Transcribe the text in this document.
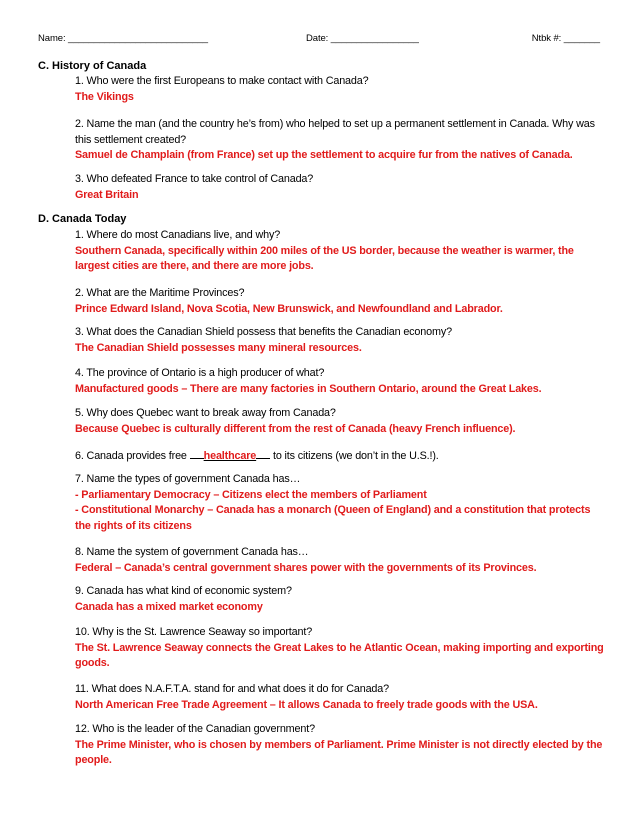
Name: ___________________________	Date: _________________	Ntbk #: _______
C. History of Canada
1. Who were the first Europeans to make contact with Canada?
The Vikings
2. Name the man (and the country he’s from) who helped to set up a permanent settlement in Canada. Why was this settlement created?
Samuel de Champlain (from France) set up the settlement to acquire fur from the natives of Canada.
3. Who defeated France to take control of Canada?
Great Britain
D. Canada Today
1. Where do most Canadians live, and why?
Southern Canada, specifically within 200 miles of the US border, because the weather is warmer, the largest cities are there, and there are more jobs.
2. What are the Maritime Provinces?
Prince Edward Island, Nova Scotia, New Brunswick, and Newfoundland and Labrador.
3. What does the Canadian Shield possess that benefits the Canadian economy?
The Canadian Shield possesses many mineral resources.
4. The province of Ontario is a high producer of what?
Manufactured goods – There are many factories in Southern Ontario, around the Great Lakes.
5. Why does Quebec want to break away from Canada?
Because Quebec is culturally different from the rest of Canada (heavy French influence).
6. Canada provides free healthcare to its citizens (we don’t in the U.S.!).
7. Name the types of government Canada has…
- Parliamentary Democracy – Citizens elect the members of Parliament
- Constitutional Monarchy – Canada has a monarch (Queen of England) and a constitution that protects the rights of its citizens
8. Name the system of government Canada has…
Federal – Canada’s central government shares power with the governments of its Provinces.
9. Canada has what kind of economic system?
Canada has a mixed market economy
10. Why is the St. Lawrence Seaway so important?
The St. Lawrence Seaway connects the Great Lakes to he Atlantic Ocean, making importing and exporting goods.
11. What does N.A.F.T.A. stand for and what does it do for Canada?
North American Free Trade Agreement – It allows Canada to freely trade goods with the USA.
12. Who is the leader of the Canadian government?
The Prime Minister, who is chosen by members of Parliament. Prime Minister is not directly elected by the people.
